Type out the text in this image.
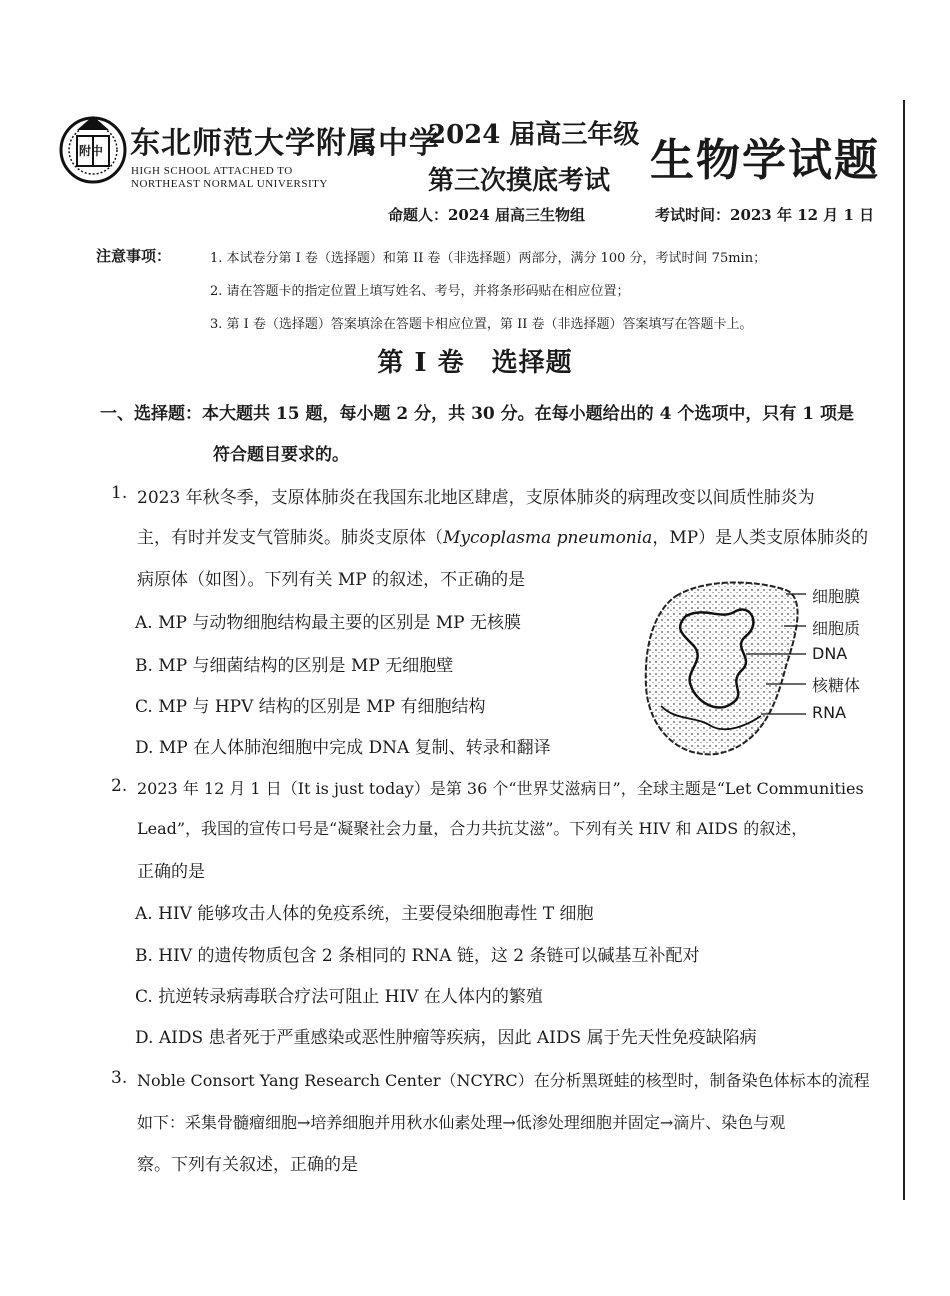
附中 东北师范大学附属中学
HIGH SCHOOL ATTACHED TO
NORTHEAST NORMAL UNIVERSITY
2024 届高三年级
第三次摸底考试 生物学试题
命题人：2024 届高三生物组	考试时间：2023 年 12 月 1 日
注意事项：	1. 本试卷分第 I 卷（选择题）和第 II 卷（非选择题）两部分，满分 100 分，考试时间 75min；
2. 请在答题卡的指定位置上填写姓名、考号，并将条形码贴在相应位置；
3. 第 I 卷（选择题）答案填涂在答题卡相应位置，第 II 卷（非选择题）答案填写在答题卡上。
第 I 卷　选择题
一、选择题：本大题共 15 题，每小题 2 分，共 30 分。在每小题给出的 4 个选项中，只有 1 项是
符合题目要求的。
1. 2023 年秋冬季，支原体肺炎在我国东北地区肆虐，支原体肺炎的病理改变以间质性肺炎为
主，有时并发支气管肺炎。肺炎支原体（Mycoplasma pneumonia，MP）是人类支原体肺炎的
病原体（如图）。下列有关 MP 的叙述，不正确的是
A. MP 与动物细胞结构最主要的区别是 MP 无核膜
B. MP 与细菌结构的区别是 MP 无细胞壁
C. MP 与 HPV 结构的区别是 MP 有细胞结构
D. MP 在人体肺泡细胞中完成 DNA 复制、转录和翻译
细胞膜
细胞质
DNA
核糖体
RNA
2. 2023 年 12 月 1 日（It is just today）是第 36 个“世界艾滋病日”，全球主题是“Let Communities
Lead”，我国的宣传口号是“凝聚社会力量，合力共抗艾滋”。下列有关 HIV 和 AIDS 的叙述，
正确的是
A. HIV 能够攻击人体的免疫系统，主要侵染细胞毒性 T 细胞
B. HIV 的遗传物质包含 2 条相同的 RNA 链，这 2 条链可以碱基互补配对
C. 抗逆转录病毒联合疗法可阻止 HIV 在人体内的繁殖
D. AIDS 患者死于严重感染或恶性肿瘤等疾病，因此 AIDS 属于先天性免疫缺陷病
3. Noble Consort Yang Research Center（NCYRC）在分析黑斑蛙的核型时，制备染色体标本的流程
如下：采集骨髓瘤细胞→培养细胞并用秋水仙素处理→低渗处理细胞并固定→滴片、染色与观
察。下列有关叙述，正确的是
